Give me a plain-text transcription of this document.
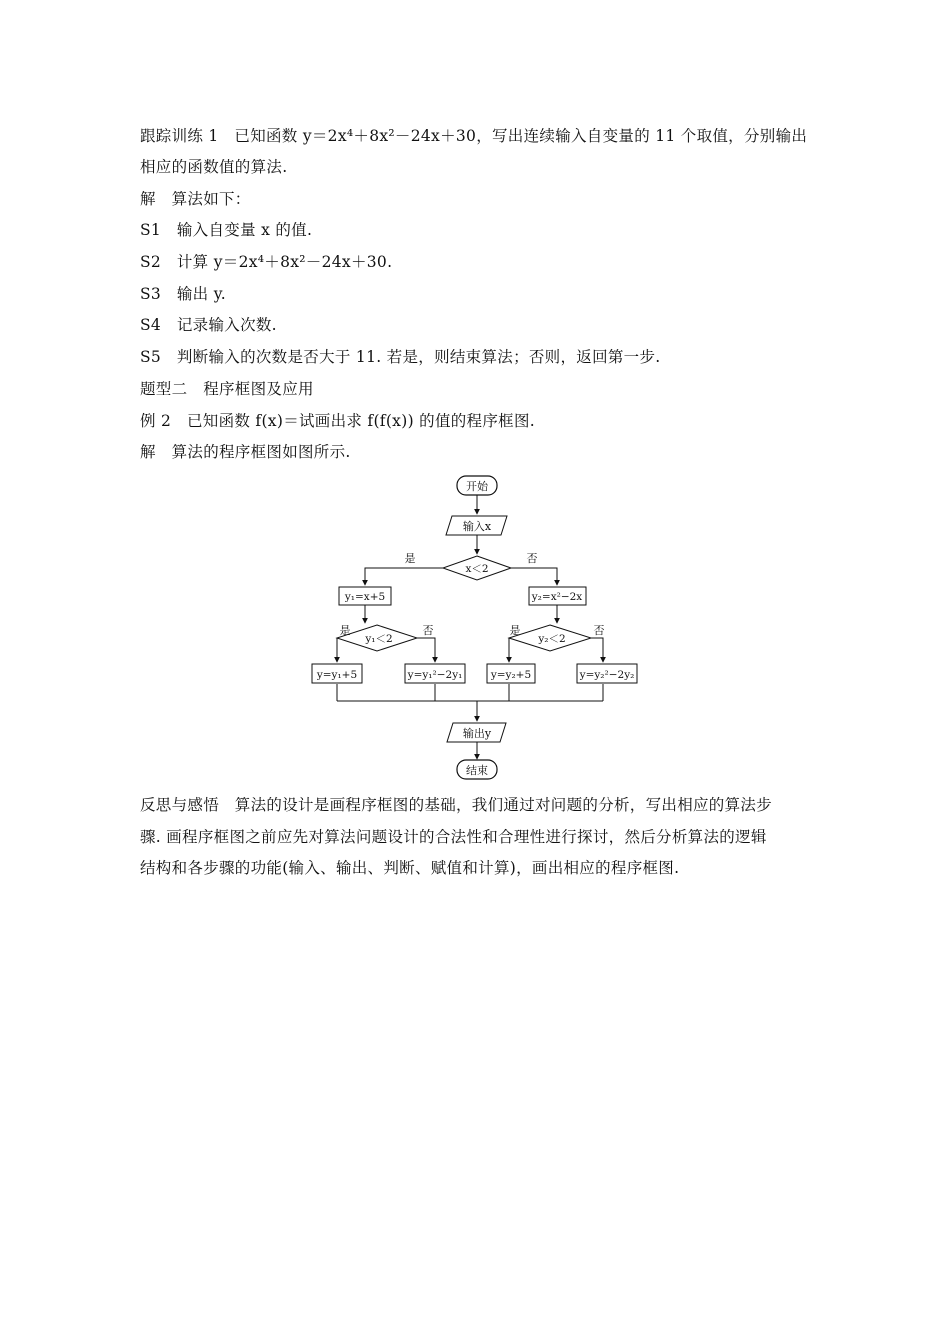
跟踪训练 1　已知函数 y＝2x⁴＋8x²－24x＋30，写出连续输入自变量的 11 个取值，分别输出
相应的函数值的算法.
解　算法如下：
S1　输入自变量 x 的值.
S2　计算 y＝2x⁴＋8x²－24x＋30.
S3　输出 y.
S4　记录输入次数.
S5　判断输入的次数是否大于 11. 若是，则结束算法；否则，返回第一步.
题型二　程序框图及应用
例 2　已知函数 f(x)＝试画出求 f(f(x)) 的值的程序框图.
解　算法的程序框图如图所示.
开始
输入x
x＜2
是	否
y₁=x+5	y₂=x²−2x
y₁＜2
是	否
y₂＜2
是	否
y=y₁+5	y=y₁²−2y₁	y=y₂+5	y=y₂²−2y₂
输出y
结束
反思与感悟　算法的设计是画程序框图的基础，我们通过对问题的分析，写出相应的算法步
骤. 画程序框图之前应先对算法问题设计的合法性和合理性进行探讨，然后分析算法的逻辑
结构和各步骤的功能(输入、输出、判断、赋值和计算)，画出相应的程序框图.
